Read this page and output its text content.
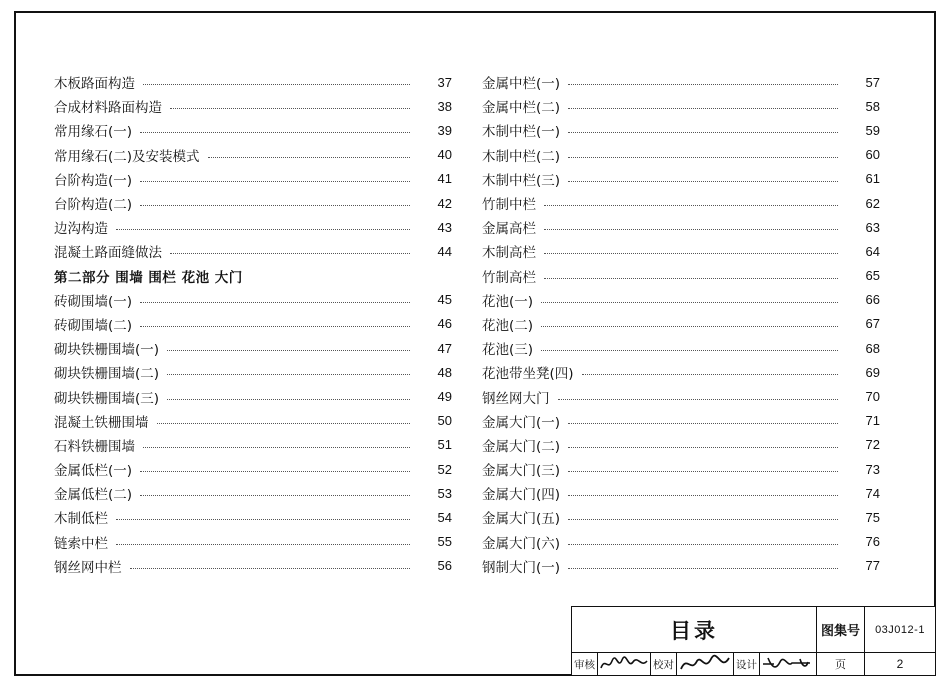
木板路面构造	37
合成材料路面构造	38
常用缘石(一)	39
常用缘石(二)及安装模式	40
台阶构造(一)	41
台阶构造(二)	42
边沟构造	43
混凝土路面缝做法	44
第二部分 围墙 围栏 花池 大门
砖砌围墙(一)	45
砖砌围墙(二)	46
砌块铁栅围墙(一)	47
砌块铁栅围墙(二)	48
砌块铁栅围墙(三)	49
混凝土铁栅围墙	50
石料铁栅围墙	51
金属低栏(一)	52
金属低栏(二)	53
木制低栏	54
链索中栏	55
钢丝网中栏	56
金属中栏(一)	57
金属中栏(二)	58
木制中栏(一)	59
木制中栏(二)	60
木制中栏(三)	61
竹制中栏	62
金属高栏	63
木制高栏	64
竹制高栏	65
花池(一)	66
花池(二)	67
花池(三)	68
花池带坐凳(四)	69
钢丝网大门	70
金属大门(一)	71
金属大门(二)	72
金属大门(三)	73
金属大门(四)	74
金属大门(五)	75
金属大门(六)	76
钢制大门(一)	77
目录	图集号	03J012-1
审核	校对	设计	页	2
